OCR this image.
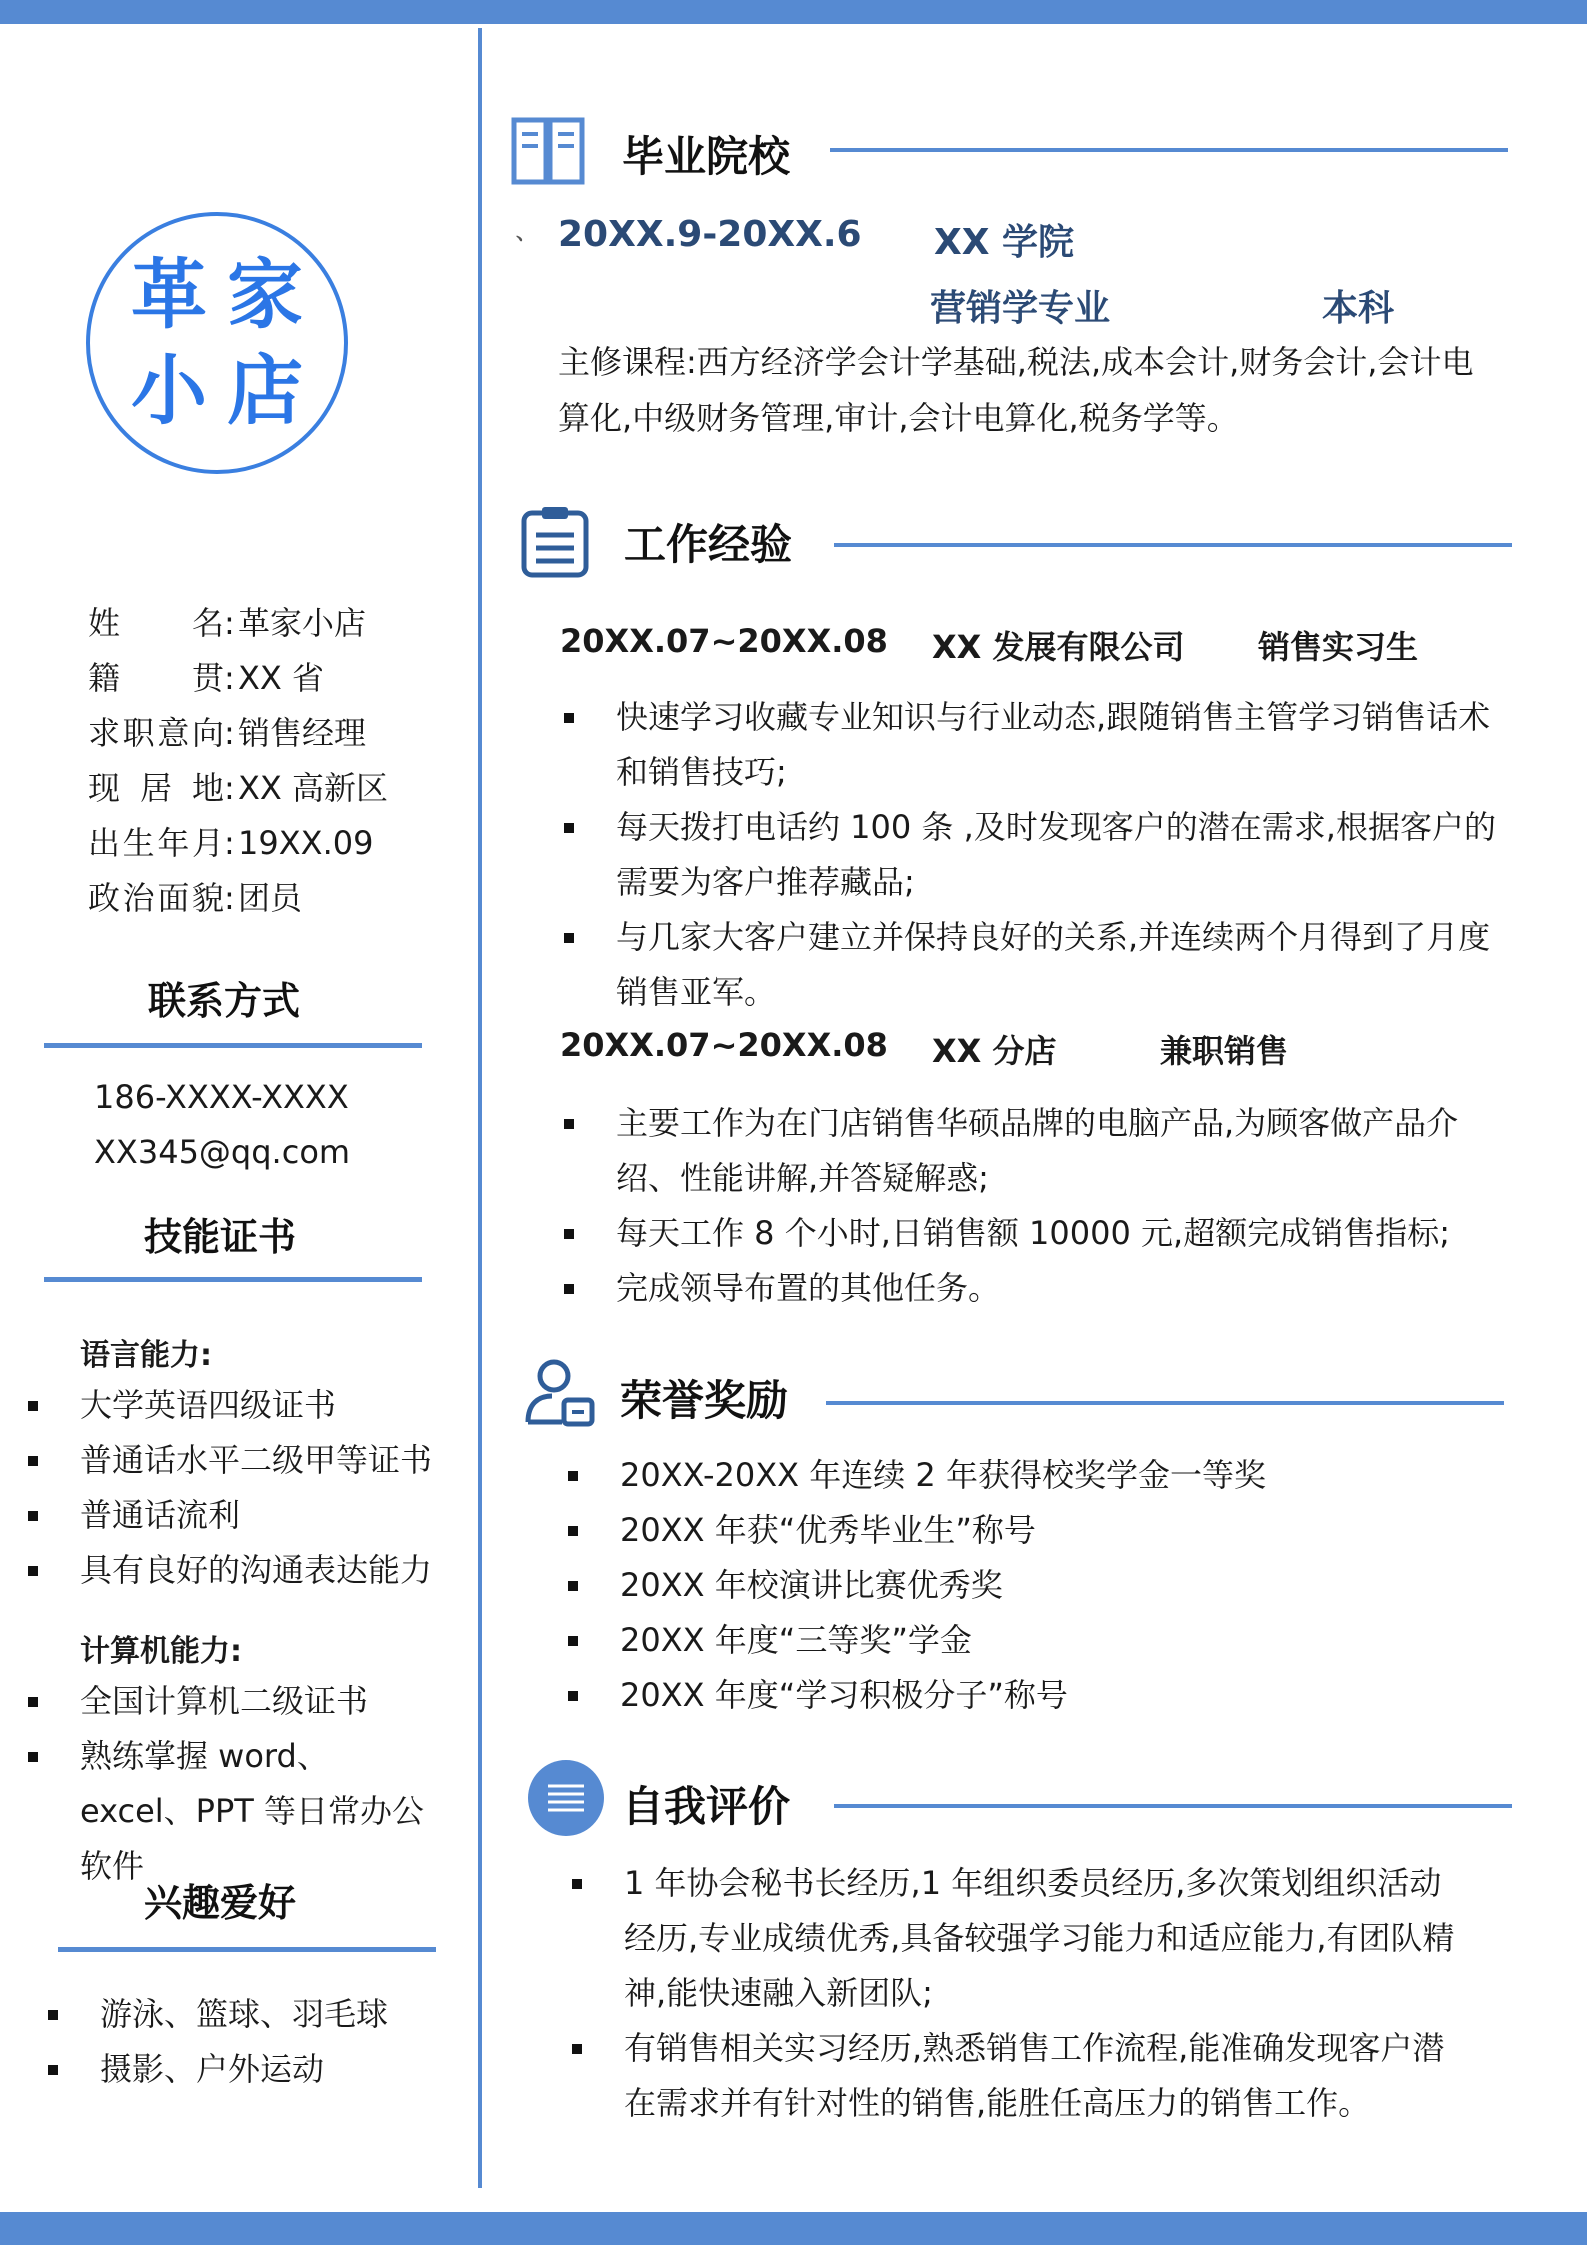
革 家
小 店
姓名 : 革家小店
籍贯 : XX 省
求职意向 : 销售经理
现居地 : XX 高新区
出生年月 : 19XX.09
政治面貌 : 团员
联系方式
186-XXXX-XXXX
XX345@qq.com
技能证书
语言能力:
大学英语四级证书
普通话水平二级甲等证书
普通话流利
具有良好的沟通表达能力
计算机能力:
全国计算机二级证书
熟练掌握 word、excel、PPT 等日常办公软件
兴趣爱好
游泳、篮球、羽毛球
摄影、户外运动
毕业院校
、 20XX.9-20XX.6 XX 学院
营销学专业	本科
主修课程:西方经济学会计学基础,税法,成本会计,财务会计,会计电算化,中级财务管理,审计,会计电算化,税务学等。
工作经验
20XX.07~20XX.08 XX 发展有限公司 销售实习生
快速学习收藏专业知识与行业动态,跟随销售主管学习销售话术和销售技巧;
每天拨打电话约 100 条 ,及时发现客户的潜在需求,根据客户的需要为客户推荐藏品;
与几家大客户建立并保持良好的关系,并连续两个月得到了月度销售亚军。
20XX.07~20XX.08 XX 分店	兼职销售
主要工作为在门店销售华硕品牌的电脑产品,为顾客做产品介绍、性能讲解,并答疑解惑;
每天工作 8 个小时,日销售额 10000 元,超额完成销售指标;
完成领导布置的其他任务。
荣誉奖励
20XX-20XX 年连续 2 年获得校奖学金一等奖
20XX 年获“优秀毕业生”称号
20XX 年校演讲比赛优秀奖
20XX 年度“三等奖”学金
20XX 年度“学习积极分子”称号
自我评价
1 年协会秘书长经历,1 年组织委员经历,多次策划组织活动经历,专业成绩优秀,具备较强学习能力和适应能力,有团队精神,能快速融入新团队;
有销售相关实习经历,熟悉销售工作流程,能准确发现客户潜在需求并有针对性的销售,能胜任高压力的销售工作。
